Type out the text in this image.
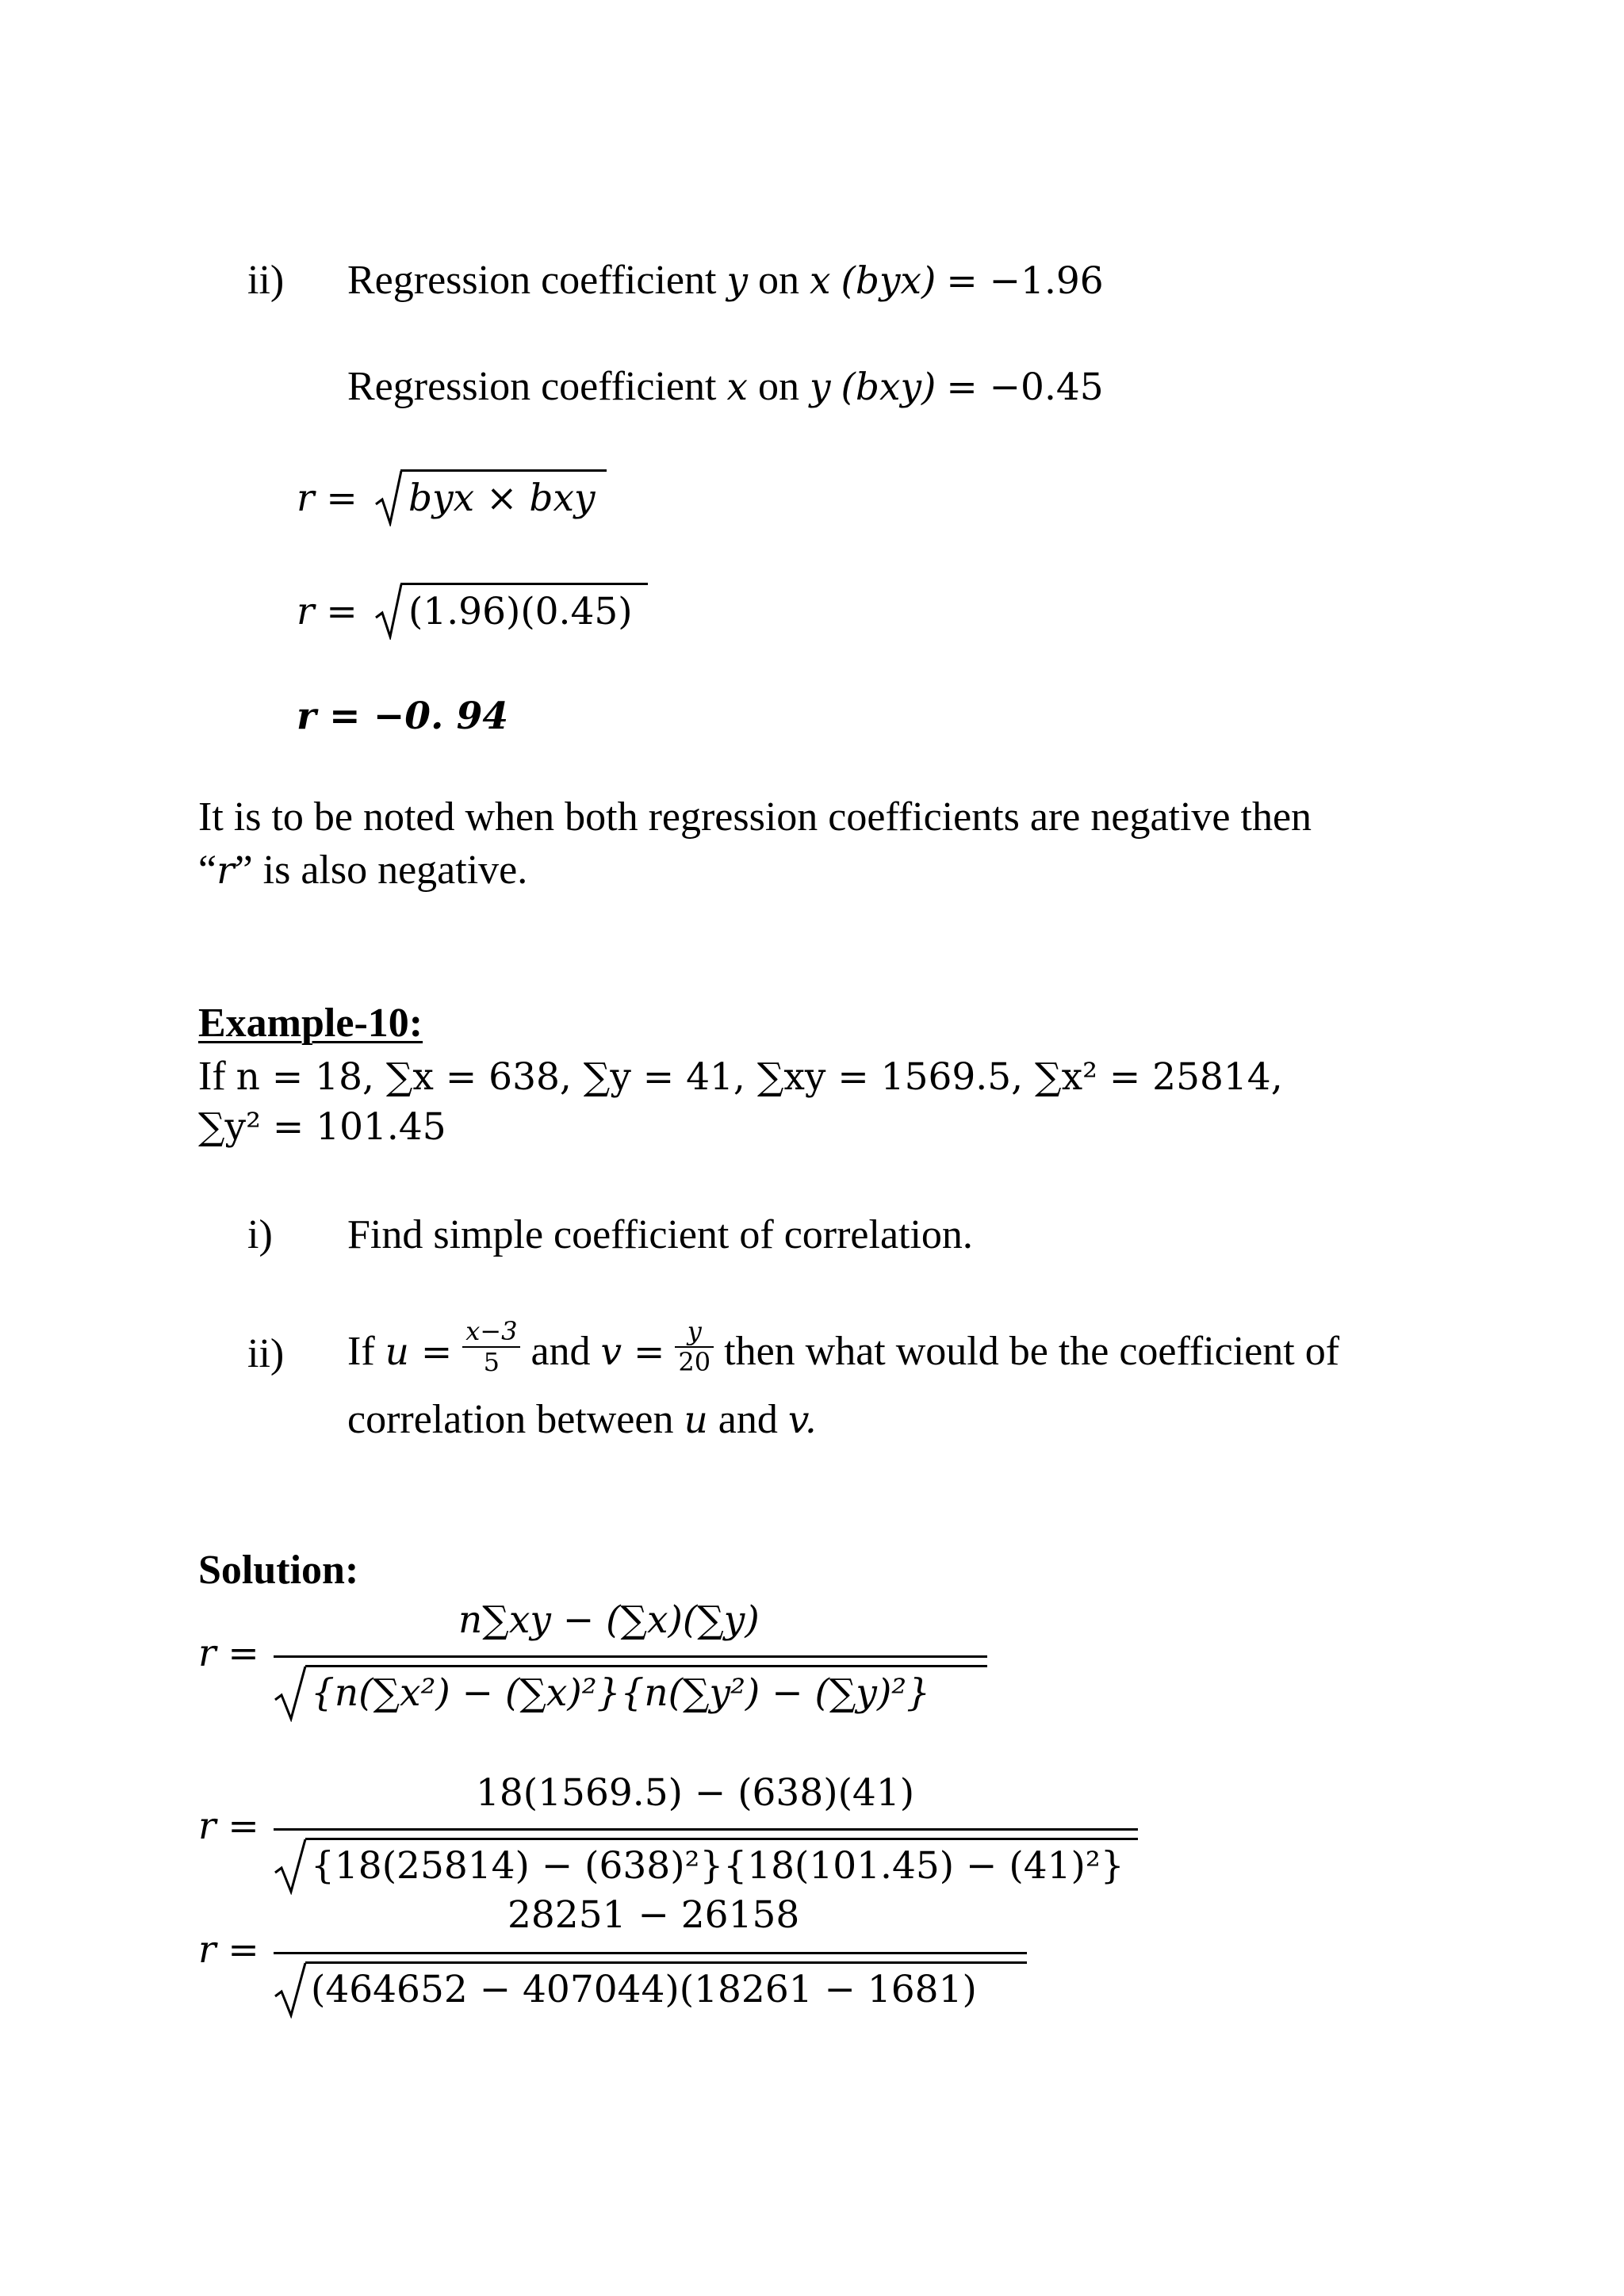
ii) Regression coefficient y on x (byx) = −1.96
Regression coefficient x on y (bxy) = −0.45
r = byx × bxy
r = (1.96)(0.45)
r = −0. 94
It is to be noted when both regression coefficients are negative then
“r” is also negative.
Example-10:
If n = 18, ∑x = 638, ∑y = 41, ∑xy = 1569.5, ∑x² = 25814,
∑y² = 101.45
i) Find simple coefficient of correlation.
ii) If $u = \frac{x-3}{5}$ and $v = \frac{y}{20}$ then what would be the coefficient of
correlation between u and v.
Solution:
n∑xy − (∑x)(∑y)
r =
{n(∑x²) − (∑x)²}{n(∑y²) − (∑y)²}
18(1569.5) − (638)(41)
r =
{18(25814) − (638)²}{18(101.45) − (41)²}
28251 − 26158
r =
(464652 − 407044)(18261 − 1681)
